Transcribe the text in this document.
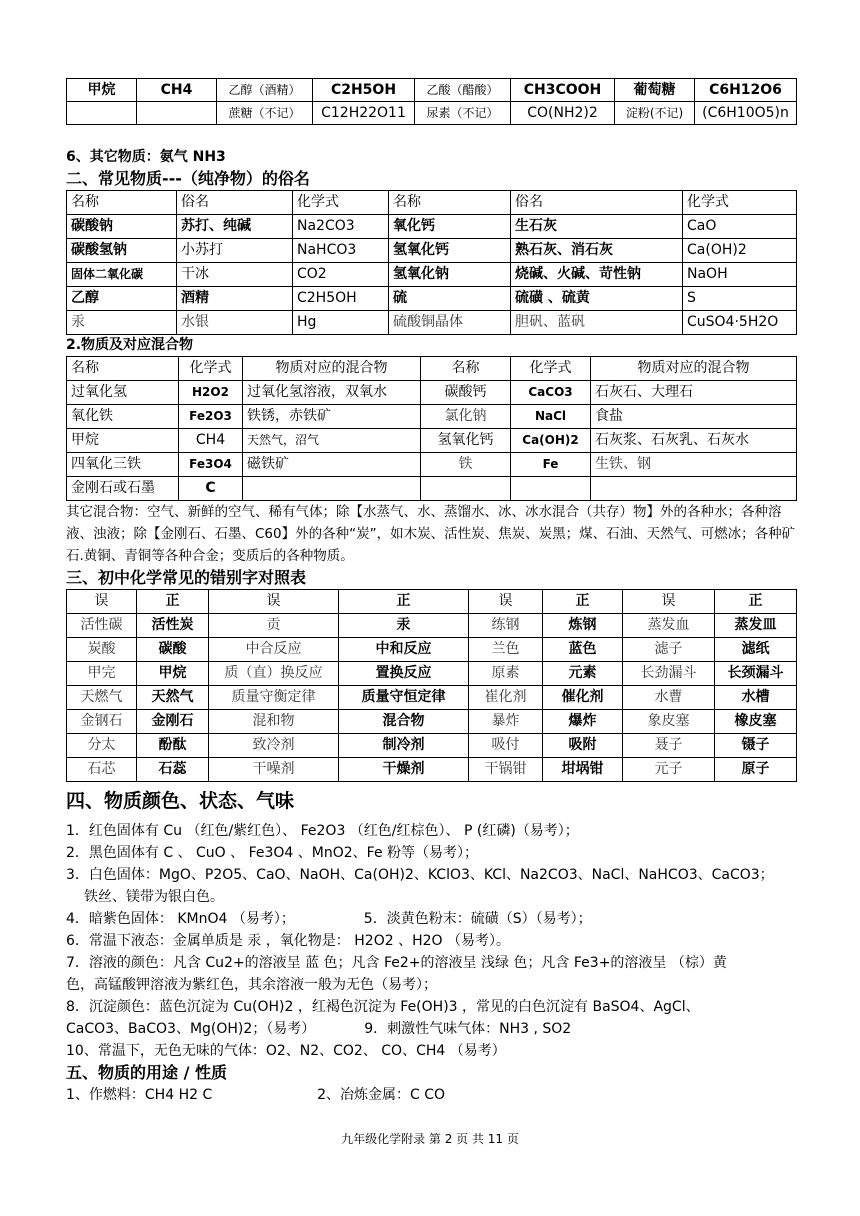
甲烷	CH4	乙醇（酒精）	C2H5OH	乙酸（醋酸）	CH3COOH	葡萄糖	C6H12O6
		蔗糖（不记）	C12H22O11	尿素（不记）	CO(NH2)2	淀粉(不记)	(C6H10O5)n

6、其它物质：氨气 NH3

二、常见物质---（纯净物）的俗名
名称	俗名	化学式	名称	俗名	化学式
碳酸钠	苏打、纯碱	Na2CO3	氧化钙	生石灰	CaO
碳酸氢钠	小苏打	NaHCO3	氢氧化钙	熟石灰、消石灰	Ca(OH)2
固体二氧化碳	干冰	CO2	氢氧化钠	烧碱、火碱、苛性钠	NaOH
乙醇	酒精	C2H5OH	硫	硫磺 、硫黄	S
汞	水银	Hg	硫酸铜晶体	胆矾、蓝矾	CuSO4·5H2O

2.物质及对应混合物

名称	化学式	物质对应的混合物	名称	化学式	物质对应的混合物
过氧化氢	H2O2	过氧化氢溶液，双氧水	碳酸钙	CaCO3	石灰石、大理石
氧化铁	Fe2O3	铁锈，赤铁矿	氯化钠	NaCl	食盐
甲烷	CH4	天然气，沼气	氢氧化钙	Ca(OH)2	石灰浆、石灰乳、石灰水
四氧化三铁	Fe3O4	磁铁矿	铁	Fe	生铁、钢
金刚石或石墨	C				

其它混合物：空气、新鲜的空气、稀有气体；除【水蒸气、水、蒸馏水、冰、冰水混合（共存）物】外的各种水；各种溶液、浊液；除【金刚石、石墨、C60】外的各种“炭”，如木炭、活性炭、焦炭、炭黑；煤、石油、天然气、可燃冰；各种矿石.黄铜、青铜等各种合金；变质后的各种物质。

三、初中化学常见的错别字对照表
误	正	误	正	误	正	误	正
活性碳	活性炭	贡	汞	练钢	炼钢	蒸发血	蒸发皿
炭酸	碳酸	中合反应	中和反应	兰色	蓝色	滤子	滤纸
甲完	甲烷	质（直）换反应	置换反应	原素	元素	长劲漏斗	长颈漏斗
天燃气	天然气	质量守衡定律	质量守恒定律	崔化剂	催化剂	水曹	水槽
金钢石	金刚石	混和物	混合物	暴炸	爆炸	象皮塞	橡皮塞
分太	酚酞	致冷剂	制冷剂	吸付	吸附	聂子	镊子
石芯	石蕊	干噪剂	干燥剂	干锅钳	坩埚钳	元子	原子
四、物质颜色、状态、气味

1．红色固体有 Cu （红色/紫红色）、 Fe2O3 （红色/红棕色）、 P (红磷)（易考）；

2．黑色固体有 C 、 CuO 、 Fe3O4 、MnO2、Fe 粉等（易考）；

3．白色固体：MgO、P2O5、CaO、NaOH、Ca(OH)2、KClO3、KCl、Na2CO3、NaCl、NaHCO3、CaCO3；

铁丝、镁带为银白色。

4．暗紫色固体： KMnO4 （易考）；	5．淡黄色粉末：硫磺（S）（易考）；

6．常温下液态：金属单质是 汞 ，氧化物是： H2O2 、H2O （易考）。

7．溶液的颜色：凡含 Cu2+的溶液呈 蓝 色；凡含 Fe2+的溶液呈 浅绿 色；凡含 Fe3+的溶液呈 （棕）黄

色，高锰酸钾溶液为紫红色，其余溶液一般为无色（易考）；

8．沉淀颜色：蓝色沉淀为 Cu(OH)2 ，红褐色沉淀为 Fe(OH)3 ，常见的白色沉淀有 BaSO4、AgCl、

CaCO3、BaCO3、Mg(OH)2；（易考）	9．刺激性气味气体：NH3 , SO2

10、常温下，无色无味的气体：O2、N2、CO2、 CO、CH4 （易考）

五、物质的用途 / 性质

1、作燃料：CH4 H2 C	2、冶炼金属：C CO

九年级化学附录 第 2 页 共 11 页
